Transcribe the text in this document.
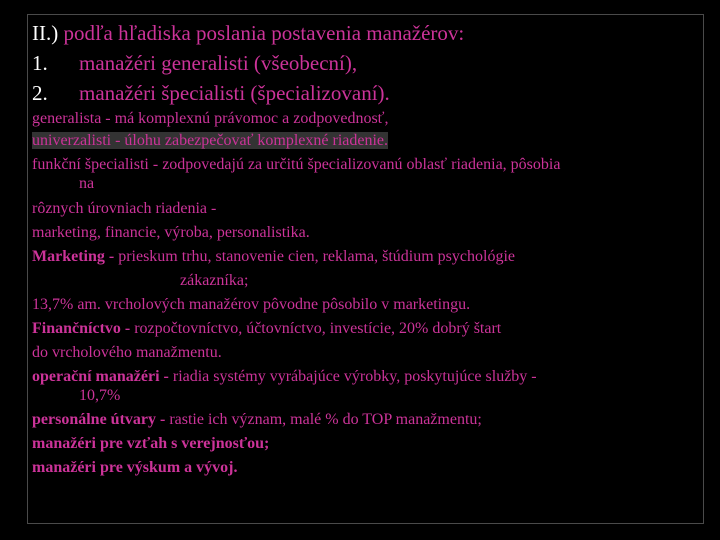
II.) podľa hľadiska poslania postavenia manažérov:
1. manažéri generalisti (všeobecní),
2. manažéri špecialisti (špecializovaní).
generalista - má komplexnú právomoc a zodpovednosť,
univerzalisti - úlohu zabezpečovať komplexné riadenie.
funkční špecialisti - zodpovedajú za určitú špecializovanú oblasť riadenia, pôsobia
na
rôznych úrovniach riadenia -
marketing, financie, výroba, personalistika.
Marketing - prieskum trhu, stanovenie cien, reklama, štúdium psychológie
zákazníka;
13,7% am. vrcholových manažérov pôvodne pôsobilo v marketingu.
Finančníctvo - rozpočtovníctvo, účtovníctvo, investície, 20% dobrý štart
do vrcholového manažmentu.
operační manažéri - riadia systémy vyrábajúce výrobky, poskytujúce služby -
10,7%
personálne útvary - rastie ich význam, malé % do TOP manažmentu;
manažéri pre vzťah s verejnosťou;
manažéri pre výskum a vývoj.
